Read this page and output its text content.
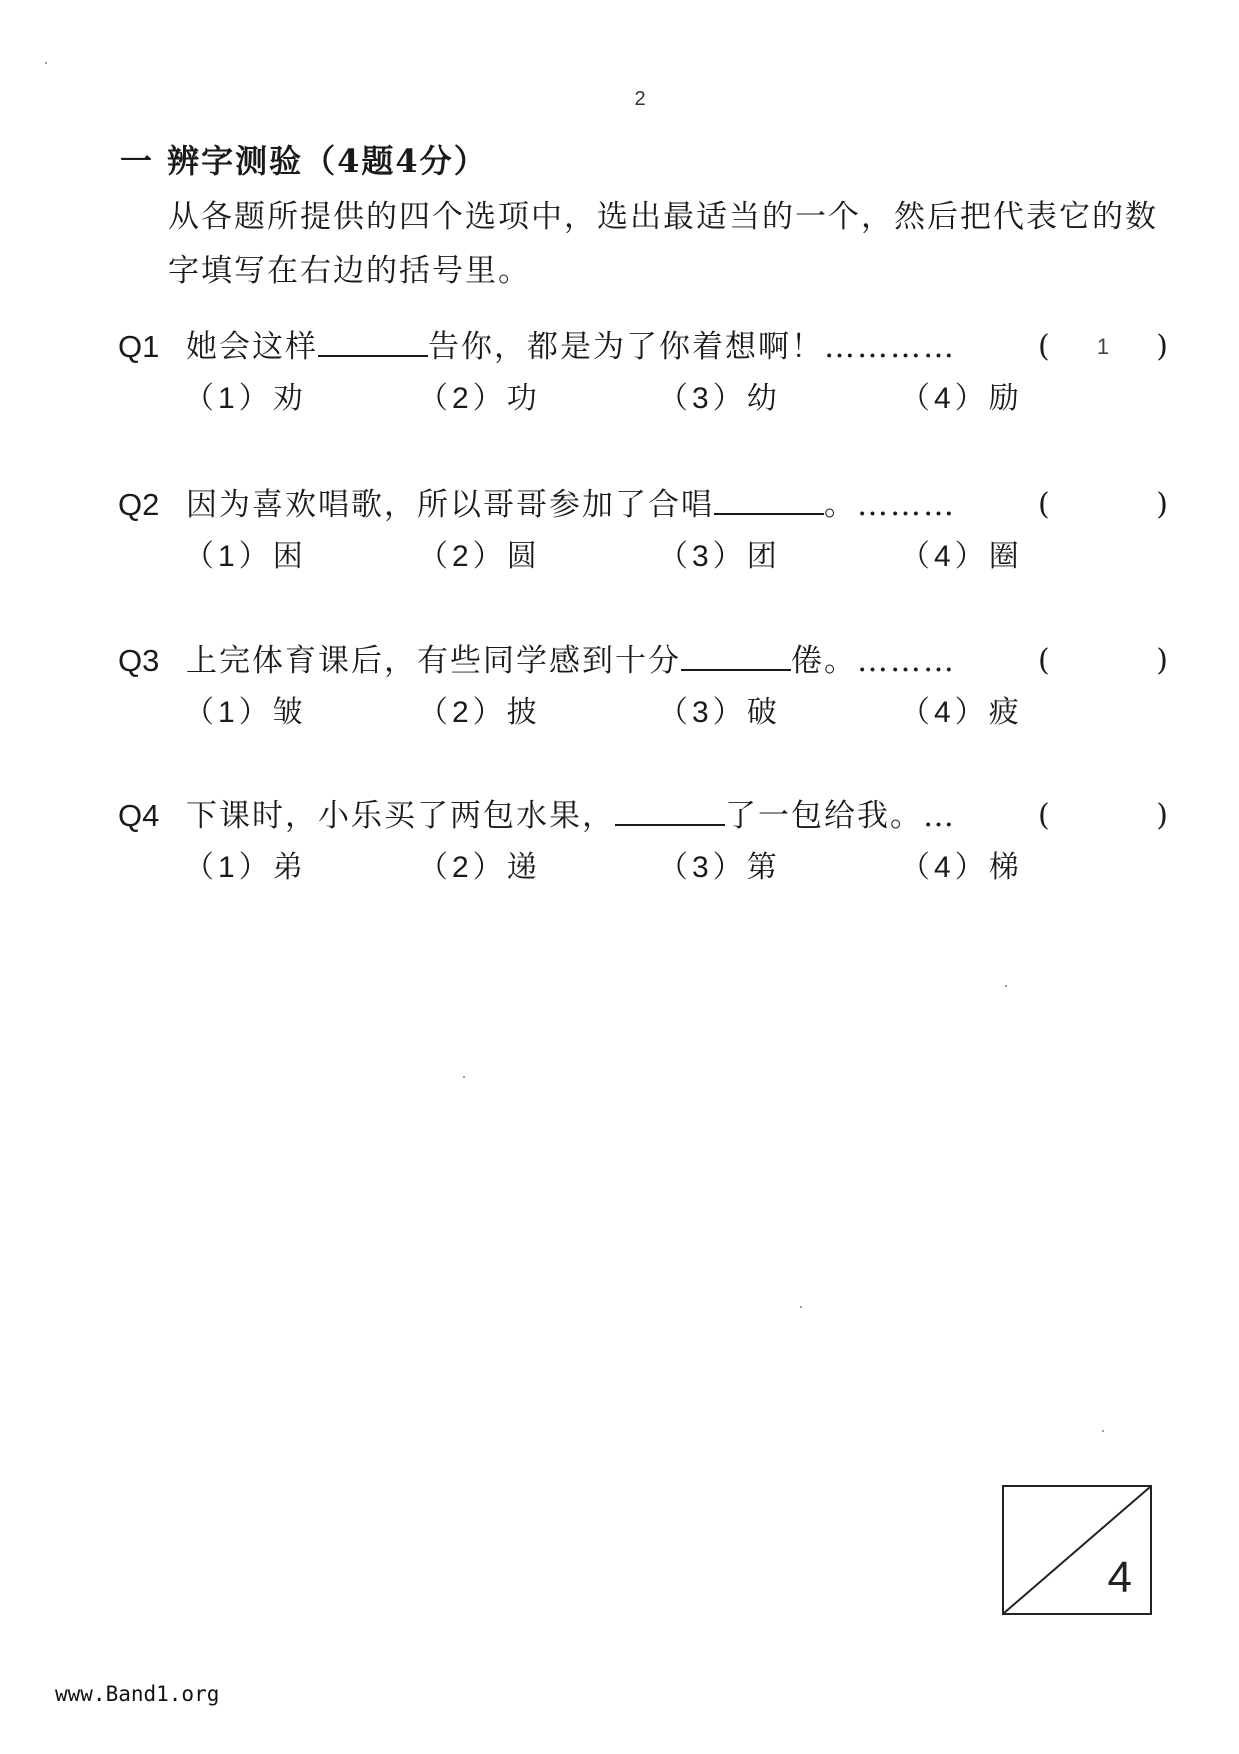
2
一 辨字测验（4题4分）
从各题所提供的四个选项中，选出最适当的一个，然后把代表它的数字填写在右边的括号里。
Q1 她会这样	告你，都是为了你着想啊！…………	(	1	)
（1）劝	（2）功	（3）幼	（4）励
Q2 因为喜欢唱歌，所以哥哥参加了合唱	。………	(	)
（1）困	（2）圆	（3）团	（4）圈
Q3 上完体育课后，有些同学感到十分	倦。………	(	)
（1）皱	（2）披	（3）破	（4）疲
Q4 下课时，小乐买了两包水果，	了一包给我。…	(	)
（1）弟	（2）递	（3）第	（4）梯
4
www.Band1.org
